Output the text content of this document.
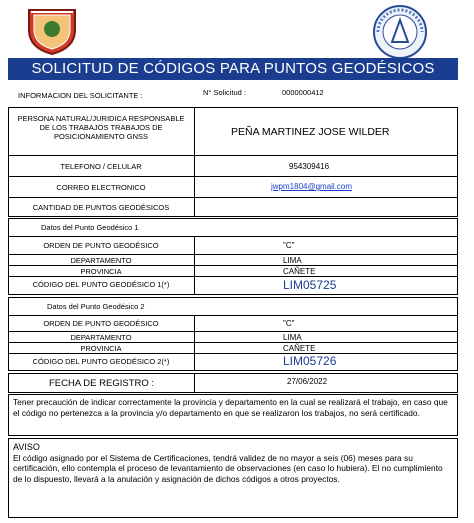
SOLICITUD DE CÓDIGOS PARA PUNTOS GEODÉSICOS
INFORMACION DEL SOLICITANTE :	N° Solicitud :	0000000412
PERSONA NATURAL/JURIDICA RESPONSABLE DE LOS TRABAJOS TRABAJOS DE POSICIONAMIENTO GNSS	PEÑA MARTINEZ JOSE WILDER
TELEFONO / CELULAR	954309416
CORREO ELECTRONICO	jwpm1804@gmail.com
CANTIDAD DE PUNTOS GEODÉSICOS
Datos del Punto Geodésico 1
ORDEN DE PUNTO GEODÉSICO	"C"
DEPARTAMENTO	LIMA
PROVINCIA	CAÑETE
CÓDIGO DEL PUNTO GEODÉSICO 1(*)	LIM05725
Datos del Punto Geodésico 2
ORDEN DE PUNTO GEODÉSICO	"C"
DEPARTAMENTO	LIMA
PROVINCIA	CAÑETE
CÓDIGO DEL PUNTO GEODÉSICO 2(*)	LIM05726
FECHA DE REGISTRO :	27/06/2022
Tener precaución de indicar correctamente la provincia y departamento en la cual se realizará el trabajo, en caso que el código no pertenezca a la provincia y/o departamento en que se realizaron los trabajos, no será certificado.
AVISO
El código asignado por el Sistema de Certificaciones, tendrá validez de no mayor a seis (06) meses para su certificación, ello contempla el proceso de levantamiento de observaciones (en caso lo hubiera). El no cumplimiento de lo dispuesto, llevará a la anulación y asignación de dichos códigos a otros proyectos.
